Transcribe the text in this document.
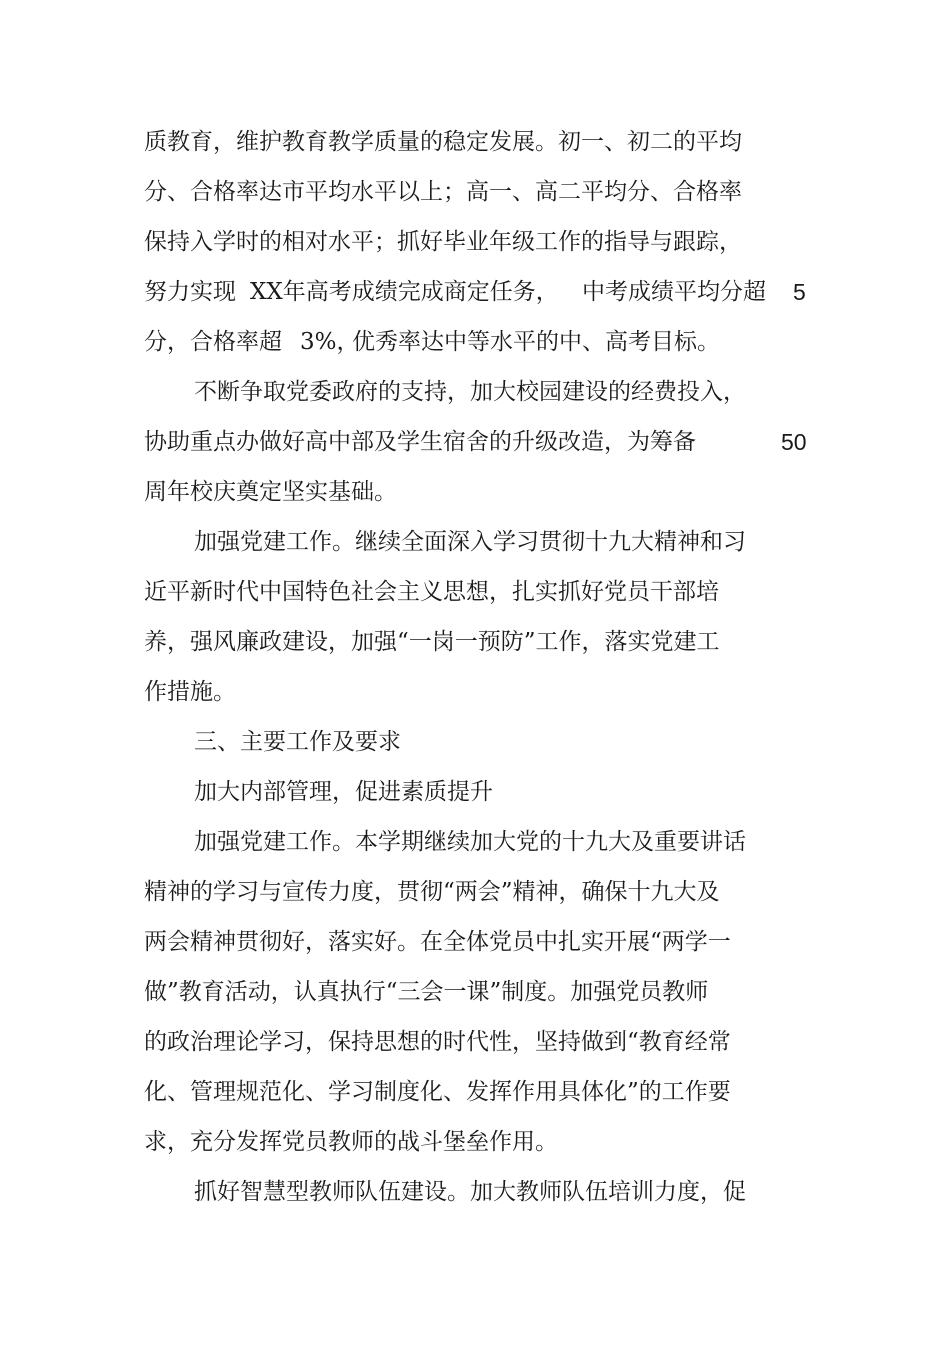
质教育，维护教育教学质量的稳定发展。初一、初二的平均
分、合格率达市平均水平以上；高一、高二平均分、合格率
保持入学时的相对水平；抓好毕业年级工作的指导与跟踪，
努力实现 XX年高考成绩完成商定任务， 中考成绩平均分超 5
分，合格率超 3%，
优秀率达中等水平的中、高考目标。
不断争取党委政府的支持，加大校园建设的经费投入，
协助重点办做好高中部及学生宿舍的升级改造，为筹备	50
周年校庆奠定坚实基础。
加强党建工作。继续全面深入学习贯彻十九大精神和习
近平新时代中国特色社会主义思想，扎实抓好党员干部培
养，强风廉政建设，加强“一岗一预防”工作，落实党建工
作措施。
三、主要工作及要求
加大内部管理，促进素质提升
加强党建工作。本学期继续加大党的十九大及重要讲话
精神的学习与宣传力度，贯彻“两会”精神，确保十九大及
两会精神贯彻好，落实好。在全体党员中扎实开展“两学一
做”教育活动，认真执行“三会一课”制度。加强党员教师
的政治理论学习，保持思想的时代性，坚持做到“教育经常
化、管理规范化、学习制度化、发挥作用具体化”的工作要
求，充分发挥党员教师的战斗堡垒作用。
抓好智慧型教师队伍建设。加大教师队伍培训力度，促
